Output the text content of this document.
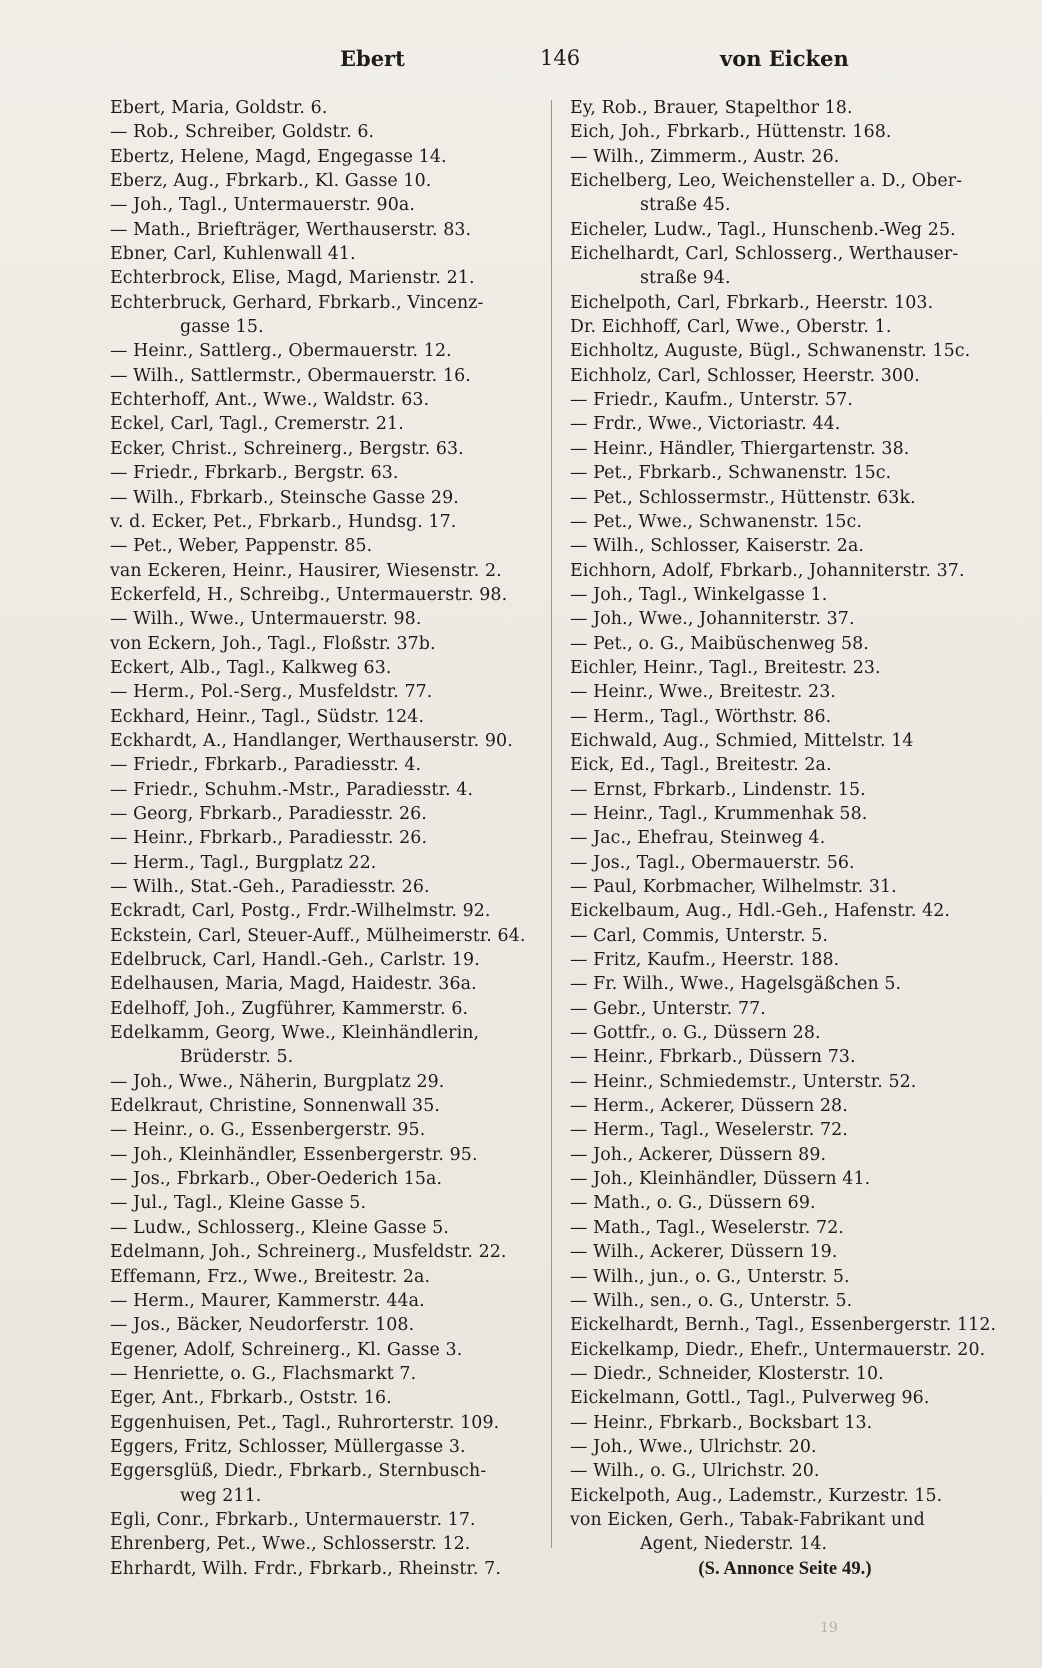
Ebert	146	von Eicken
Ebert, Maria, Goldstr. 6.
— Rob., Schreiber, Goldstr. 6.
Ebertz, Helene, Magd, Engegasse 14.
Eberz, Aug., Fbrkarb., Kl. Gasse 10.
— Joh., Tagl., Untermauerstr. 90a.
— Math., Briefträger, Werthauserstr. 83.
Ebner, Carl, Kuhlenwall 41.
Echterbrock, Elise, Magd, Marienstr. 21.
Echterbruck, Gerhard, Fbrkarb., Vincenz-
gasse 15.
— Heinr., Sattlerg., Obermauerstr. 12.
— Wilh., Sattlermstr., Obermauerstr. 16.
Echterhoff, Ant., Wwe., Waldstr. 63.
Eckel, Carl, Tagl., Cremerstr. 21.
Ecker, Christ., Schreinerg., Bergstr. 63.
— Friedr., Fbrkarb., Bergstr. 63.
— Wilh., Fbrkarb., Steinsche Gasse 29.
v. d. Ecker, Pet., Fbrkarb., Hundsg. 17.
— Pet., Weber, Pappenstr. 85.
van Eckeren, Heinr., Hausirer, Wiesenstr. 2.
Eckerfeld, H., Schreibg., Untermauerstr. 98.
— Wilh., Wwe., Untermauerstr. 98.
von Eckern, Joh., Tagl., Floßstr. 37b.
Eckert, Alb., Tagl., Kalkweg 63.
— Herm., Pol.-Serg., Musfeldstr. 77.
Eckhard, Heinr., Tagl., Südstr. 124.
Eckhardt, A., Handlanger, Werthauserstr. 90.
— Friedr., Fbrkarb., Paradiesstr. 4.
— Friedr., Schuhm.-Mstr., Paradiesstr. 4.
— Georg, Fbrkarb., Paradiesstr. 26.
— Heinr., Fbrkarb., Paradiesstr. 26.
— Herm., Tagl., Burgplatz 22.
— Wilh., Stat.-Geh., Paradiesstr. 26.
Eckradt, Carl, Postg., Frdr.-Wilhelmstr. 92.
Eckstein, Carl, Steuer-Auff., Mülheimerstr. 64.
Edelbruck, Carl, Handl.-Geh., Carlstr. 19.
Edelhausen, Maria, Magd, Haidestr. 36a.
Edelhoff, Joh., Zugführer, Kammerstr. 6.
Edelkamm, Georg, Wwe., Kleinhändlerin,
Brüderstr. 5.
— Joh., Wwe., Näherin, Burgplatz 29.
Edelkraut, Christine, Sonnenwall 35.
— Heinr., o. G., Essenbergerstr. 95.
— Joh., Kleinhändler, Essenbergerstr. 95.
— Jos., Fbrkarb., Ober-Oederich 15a.
— Jul., Tagl., Kleine Gasse 5.
— Ludw., Schlosserg., Kleine Gasse 5.
Edelmann, Joh., Schreinerg., Musfeldstr. 22.
Effemann, Frz., Wwe., Breitestr. 2a.
— Herm., Maurer, Kammerstr. 44a.
— Jos., Bäcker, Neudorferstr. 108.
Egener, Adolf, Schreinerg., Kl. Gasse 3.
— Henriette, o. G., Flachsmarkt 7.
Eger, Ant., Fbrkarb., Oststr. 16.
Eggenhuisen, Pet., Tagl., Ruhrorterstr. 109.
Eggers, Fritz, Schlosser, Müllergasse 3.
Eggersglüß, Diedr., Fbrkarb., Sternbusch-
weg 211.
Egli, Conr., Fbrkarb., Untermauerstr. 17.
Ehrenberg, Pet., Wwe., Schlosserstr. 12.
Ehrhardt, Wilh. Frdr., Fbrkarb., Rheinstr. 7.
Ey, Rob., Brauer, Stapelthor 18.
Eich, Joh., Fbrkarb., Hüttenstr. 168.
— Wilh., Zimmerm., Austr. 26.
Eichelberg, Leo, Weichensteller a. D., Ober-
straße 45.
Eicheler, Ludw., Tagl., Hunschenb.-Weg 25.
Eichelhardt, Carl, Schlosserg., Werthauser-
straße 94.
Eichelpoth, Carl, Fbrkarb., Heerstr. 103.
Dr. Eichhoff, Carl, Wwe., Oberstr. 1.
Eichholtz, Auguste, Bügl., Schwanenstr. 15c.
Eichholz, Carl, Schlosser, Heerstr. 300.
— Friedr., Kaufm., Unterstr. 57.
— Frdr., Wwe., Victoriastr. 44.
— Heinr., Händler, Thiergartenstr. 38.
— Pet., Fbrkarb., Schwanenstr. 15c.
— Pet., Schlossermstr., Hüttenstr. 63k.
— Pet., Wwe., Schwanenstr. 15c.
— Wilh., Schlosser, Kaiserstr. 2a.
Eichhorn, Adolf, Fbrkarb., Johanniterstr. 37.
— Joh., Tagl., Winkelgasse 1.
— Joh., Wwe., Johanniterstr. 37.
— Pet., o. G., Maibüschenweg 58.
Eichler, Heinr., Tagl., Breitestr. 23.
— Heinr., Wwe., Breitestr. 23.
— Herm., Tagl., Wörthstr. 86.
Eichwald, Aug., Schmied, Mittelstr. 14
Eick, Ed., Tagl., Breitestr. 2a.
— Ernst, Fbrkarb., Lindenstr. 15.
— Heinr., Tagl., Krummenhak 58.
— Jac., Ehefrau, Steinweg 4.
— Jos., Tagl., Obermauerstr. 56.
— Paul, Korbmacher, Wilhelmstr. 31.
Eickelbaum, Aug., Hdl.-Geh., Hafenstr. 42.
— Carl, Commis, Unterstr. 5.
— Fritz, Kaufm., Heerstr. 188.
— Fr. Wilh., Wwe., Hagelsgäßchen 5.
— Gebr., Unterstr. 77.
— Gottfr., o. G., Düssern 28.
— Heinr., Fbrkarb., Düssern 73.
— Heinr., Schmiedemstr., Unterstr. 52.
— Herm., Ackerer, Düssern 28.
— Herm., Tagl., Weselerstr. 72.
— Joh., Ackerer, Düssern 89.
— Joh., Kleinhändler, Düssern 41.
— Math., o. G., Düssern 69.
— Math., Tagl., Weselerstr. 72.
— Wilh., Ackerer, Düssern 19.
— Wilh., jun., o. G., Unterstr. 5.
— Wilh., sen., o. G., Unterstr. 5.
Eickelhardt, Bernh., Tagl., Essenbergerstr. 112.
Eickelkamp, Diedr., Ehefr., Untermauerstr. 20.
— Diedr., Schneider, Klosterstr. 10.
Eickelmann, Gottl., Tagl., Pulverweg 96.
— Heinr., Fbrkarb., Bocksbart 13.
— Joh., Wwe., Ulrichstr. 20.
— Wilh., o. G., Ulrichstr. 20.
Eickelpoth, Aug., Lademstr., Kurzestr. 15.
von Eicken, Gerh., Tabak-Fabrikant und
Agent, Niederstr. 14.
(S. Annonce Seite 49.)
19
